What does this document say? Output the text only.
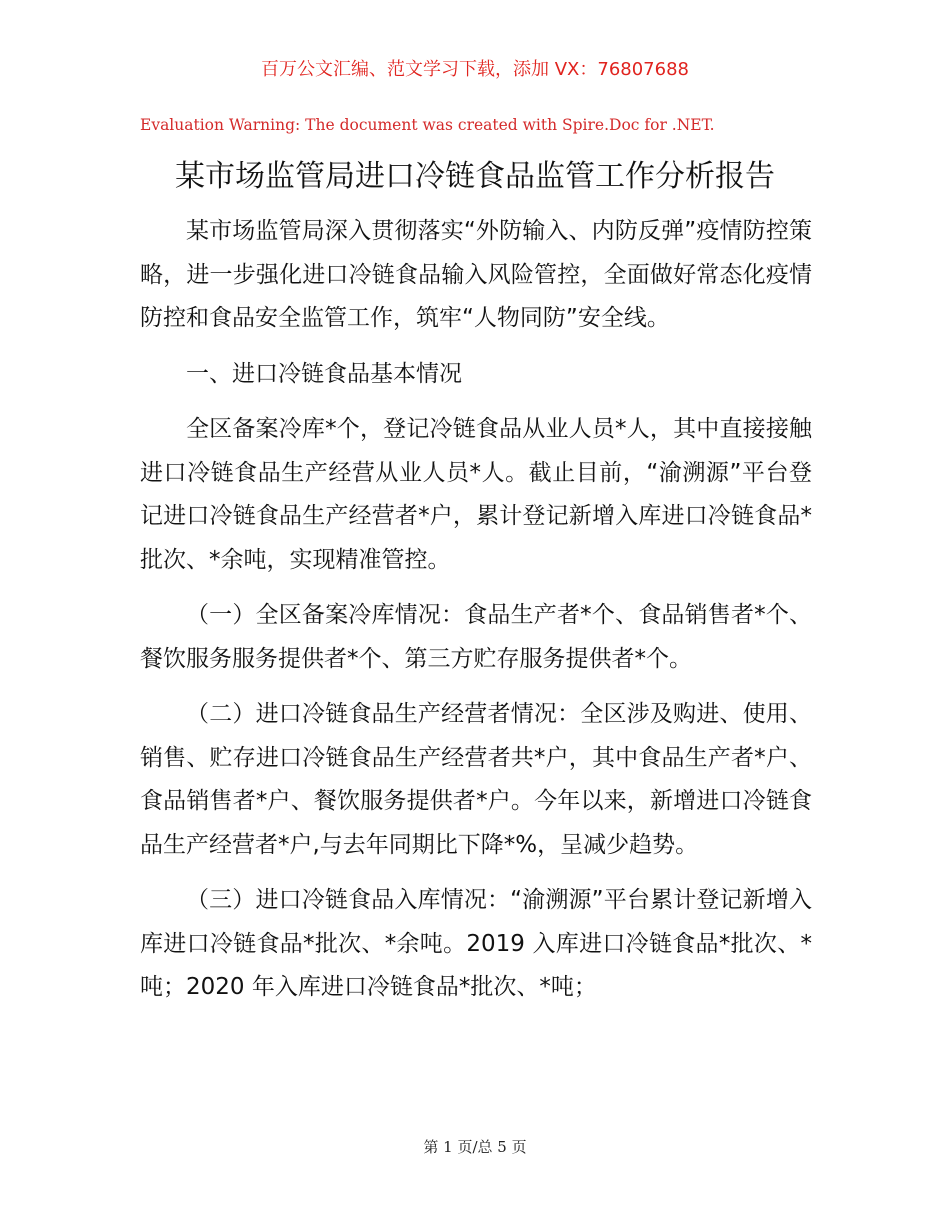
百万公文汇编、范文学习下载，添加 VX：76807688
Evaluation Warning: The document was created with Spire.Doc for .NET.
某市场监管局进口冷链食品监管工作分析报告

某市场监管局深入贯彻落实“外防输入、内防反弹”疫情防控策略，进一步强化进口冷链食品输入风险管控，全面做好常态化疫情防控和食品安全监管工作，筑牢“人物同防”安全线。

一、进口冷链食品基本情况

全区备案冷库*个，登记冷链食品从业人员*人，其中直接接触进口冷链食品生产经营从业人员*人。截止目前，“渝溯源”平台登记进口冷链食品生产经营者*户，累计登记新增入库进口冷链食品*批次、*余吨，实现精准管控。

（一）全区备案冷库情况：食品生产者*个、食品销售者*个、餐饮服务服务提供者*个、第三方贮存服务提供者*个。

（二）进口冷链食品生产经营者情况：全区涉及购进、使用、销售、贮存进口冷链食品生产经营者共*户，其中食品生产者*户、食品销售者*户、餐饮服务提供者*户。今年以来，新增进口冷链食品生产经营者*户,与去年同期比下降*%，呈减少趋势。

（三）进口冷链食品入库情况：“渝溯源”平台累计登记新增入库进口冷链食品*批次、*余吨。2019 入库进口冷链食品*批次、*吨；2020 年入库进口冷链食品*批次、*吨；

第 1 页/总 5 页
